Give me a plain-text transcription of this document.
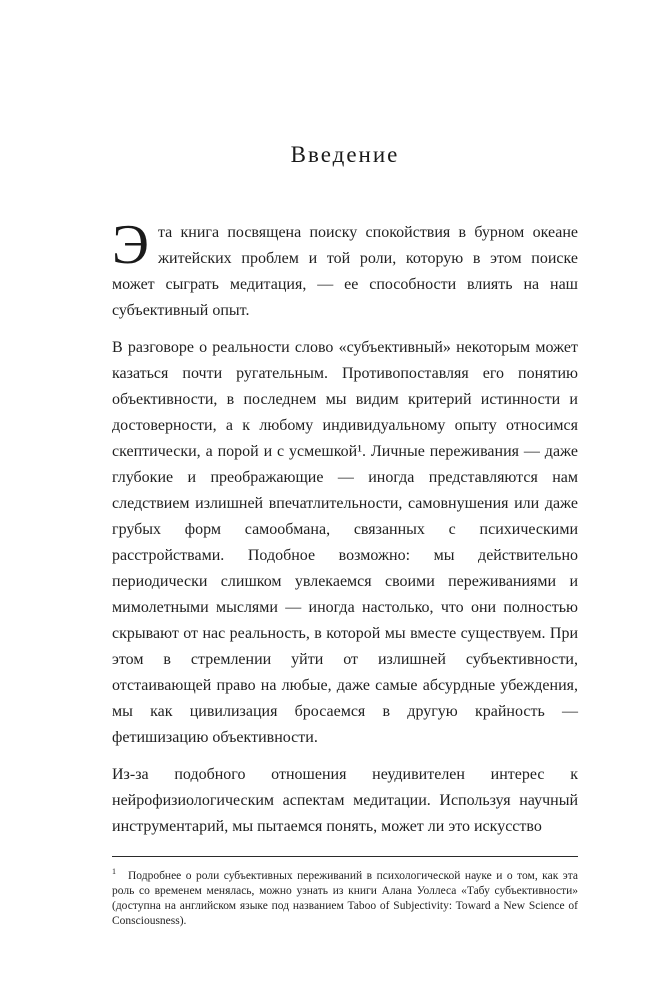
Введение

Эта книга посвящена поиску спокойствия в бурном океане житейских проблем и той роли, которую в этом поиске может сыграть медитация, — ее способности влиять на наш субъективный опыт.

В разговоре о реальности слово «субъективный» некоторым может казаться почти ругательным. Противопоставляя его понятию объективности, в последнем мы видим критерий истинности и достоверности, а к любому индивидуальному опыту относимся скептически, а порой и с усмешкой¹. Личные переживания — даже глубокие и преображающие — иногда представляются нам следствием излишней впечатлительности, самовнушения или даже грубых форм самообмана, связанных с психическими расстройствами. Подобное возможно: мы действительно периодически слишком увлекаемся своими переживаниями и мимолетными мыслями — иногда настолько, что они полностью скрывают от нас реальность, в которой мы вместе существуем. При этом в стремлении уйти от излишней субъективности, отстаивающей право на любые, даже самые абсурдные убеждения, мы как цивилизация бросаемся в другую крайность — фетишизацию объективности.

Из-за подобного отношения неудивителен интерес к нейрофизиологическим аспектам медитации. Используя научный инструментарий, мы пытаемся понять, может ли это искусство

$^1$ Подробнее о роли субъективных переживаний в психологической науке и о том, как эта роль со временем менялась, можно узнать из книги Алана Уоллеса «Табу субъективности» (доступна на английском языке под названием Taboo of Subjectivity: Toward a New Science of Consciousness).
